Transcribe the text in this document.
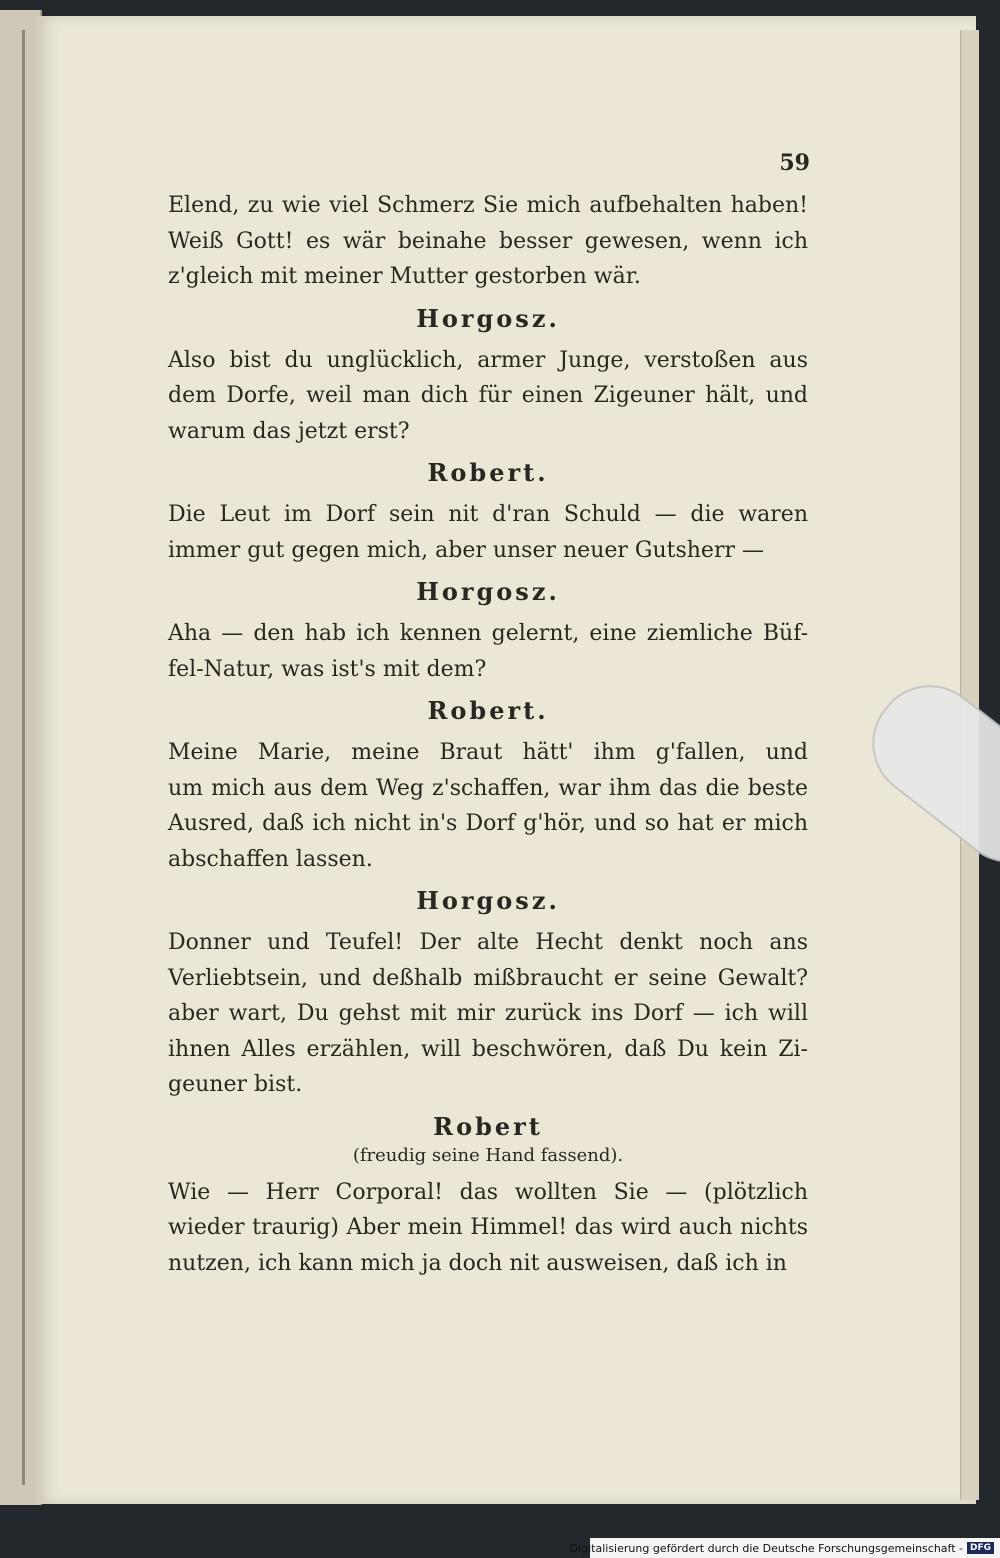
59
Elend, zu wie viel Schmerz Sie mich aufbehalten haben!
Weiß Gott! es wär beinahe besser gewesen, wenn ich
z'gleich mit meiner Mutter gestorben wär.
Horgosz.
Also bist du unglücklich, armer Junge, verstoßen aus
dem Dorfe, weil man dich für einen Zigeuner hält, und
warum das jetzt erst?
Robert.
Die Leut im Dorf sein nit d'ran Schuld — die waren
immer gut gegen mich, aber unser neuer Gutsherr —
Horgosz.
Aha — den hab ich kennen gelernt, eine ziemliche Büf-
fel-Natur, was ist's mit dem?
Robert.
Meine Marie, meine Braut hätt' ihm g'fallen, und
um mich aus dem Weg z'schaffen, war ihm das die beste
Ausred, daß ich nicht in's Dorf g'hör, und so hat er mich
abschaffen lassen.
Horgosz.
Donner und Teufel! Der alte Hecht denkt noch ans
Verliebtsein, und deßhalb mißbraucht er seine Gewalt?
aber wart, Du gehst mit mir zurück ins Dorf — ich will
ihnen Alles erzählen, will beschwören, daß Du kein Zi-
geuner bist.
Robert
(freudig seine Hand fassend).
Wie — Herr Corporal! das wollten Sie — (plötzlich
wieder traurig) Aber mein Himmel! das wird auch nichts
nutzen, ich kann mich ja doch nit ausweisen, daß ich in
Digitalisierung gefördert durch die Deutsche Forschungsgemeinschaft - DFG
